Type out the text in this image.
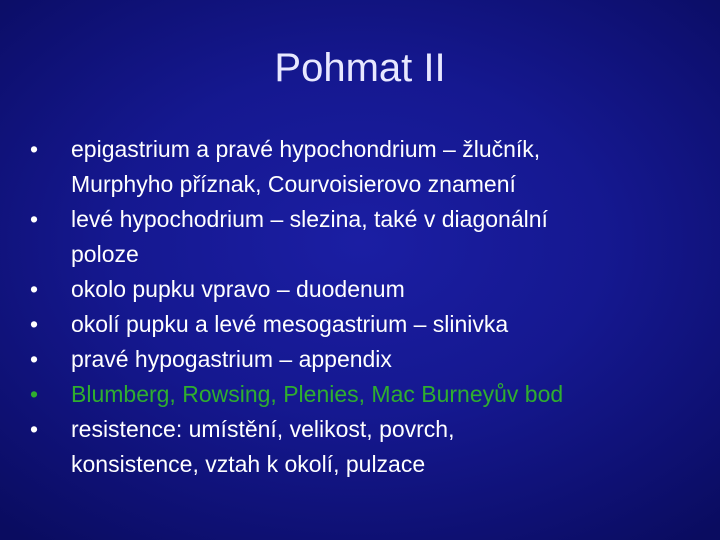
Pohmat II
•	epigastrium a pravé hypochondrium – žlučník,
Murphyho příznak, Courvoisierovo znamení
•	levé hypochodrium – slezina, také v diagonální
poloze
•	okolo pupku vpravo – duodenum
•	okolí pupku a levé mesogastrium – slinivka
•	pravé hypogastrium – appendix
•	Blumberg, Rowsing, Plenies, Mac Burneyův bod
•	resistence: umístění, velikost, povrch,
konsistence, vztah k okolí, pulzace
